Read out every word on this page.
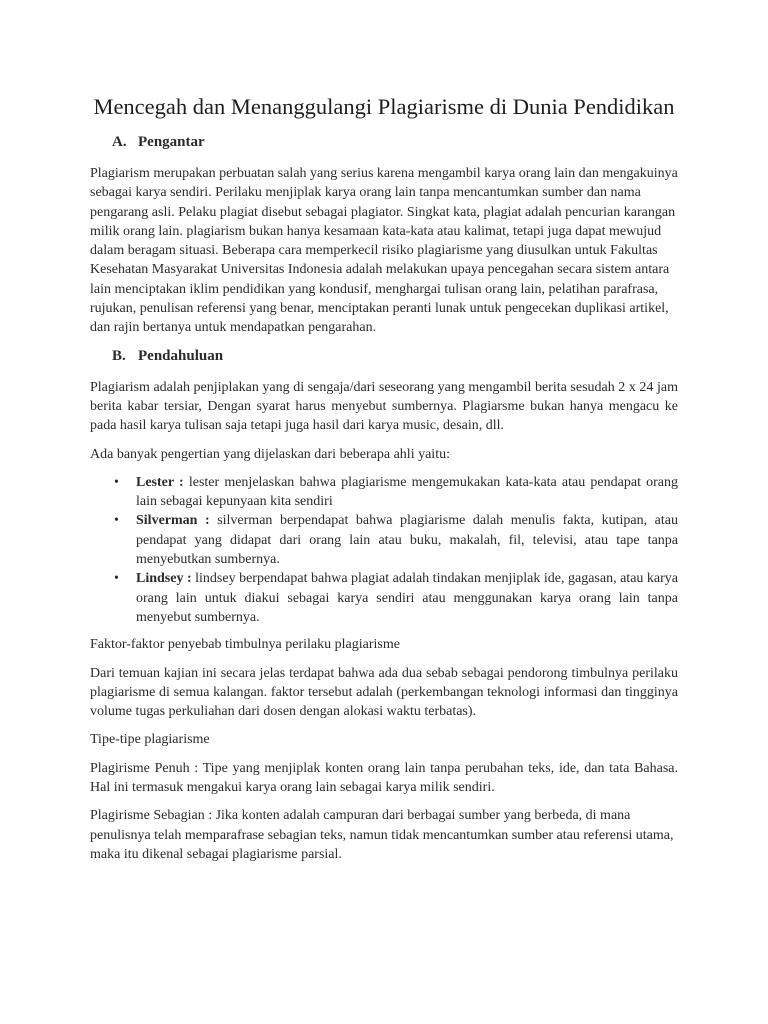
Mencegah dan Menanggulangi Plagiarisme di Dunia Pendidikan
A. Pengantar

Plagiarism merupakan perbuatan salah yang serius karena mengambil karya orang lain dan mengakuinya sebagai karya sendiri. Perilaku menjiplak karya orang lain tanpa mencantumkan sumber dan nama pengarang asli. Pelaku plagiat disebut sebagai plagiator. Singkat kata, plagiat adalah pencurian karangan milik orang lain. plagiarism bukan hanya kesamaan kata-kata atau kalimat, tetapi juga dapat mewujud dalam beragam situasi. Beberapa cara memperkecil risiko plagiarisme yang diusulkan untuk Fakultas Kesehatan Masyarakat Universitas Indonesia adalah melakukan upaya pencegahan secara sistem antara lain menciptakan iklim pendidikan yang kondusif, menghargai tulisan orang lain, pelatihan parafrasa, rujukan, penulisan referensi yang benar, menciptakan peranti lunak untuk pengecekan duplikasi artikel, dan rajin bertanya untuk mendapatkan pengarahan.

B. Pendahuluan

Plagiarism adalah penjiplakan yang di sengaja/dari seseorang yang mengambil berita sesudah 2 x 24 jam berita kabar tersiar, Dengan syarat harus menyebut sumbernya. Plagiarsme bukan hanya mengacu ke pada hasil karya tulisan saja tetapi juga hasil dari karya music, desain, dll.

Ada banyak pengertian yang dijelaskan dari beberapa ahli yaitu:

• Lester : lester menjelaskan bahwa plagiarisme mengemukakan kata-kata atau pendapat orang lain sebagai kepunyaan kita sendiri
• Silverman : silverman berpendapat bahwa plagiarisme dalah menulis fakta, kutipan, atau pendapat yang didapat dari orang lain atau buku, makalah, fil, televisi, atau tape tanpa menyebutkan sumbernya.
• Lindsey : lindsey berpendapat bahwa plagiat adalah tindakan menjiplak ide, gagasan, atau karya orang lain untuk diakui sebagai karya sendiri atau menggunakan karya orang lain tanpa menyebut sumbernya.

Faktor-faktor penyebab timbulnya perilaku plagiarisme

Dari temuan kajian ini secara jelas terdapat bahwa ada dua sebab sebagai pendorong timbulnya perilaku plagiarisme di semua kalangan. faktor tersebut adalah (perkembangan teknologi informasi dan tingginya volume tugas perkuliahan dari dosen dengan alokasi waktu terbatas).

Tipe-tipe plagiarisme

Plagirisme Penuh : Tipe yang menjiplak konten orang lain tanpa perubahan teks, ide, dan tata Bahasa. Hal ini termasuk mengakui karya orang lain sebagai karya milik sendiri.

Plagirisme Sebagian : Jika konten adalah campuran dari berbagai sumber yang berbeda, di mana penulisnya telah memparafrase sebagian teks, namun tidak mencantumkan sumber atau referensi utama, maka itu dikenal sebagai plagiarisme parsial.
